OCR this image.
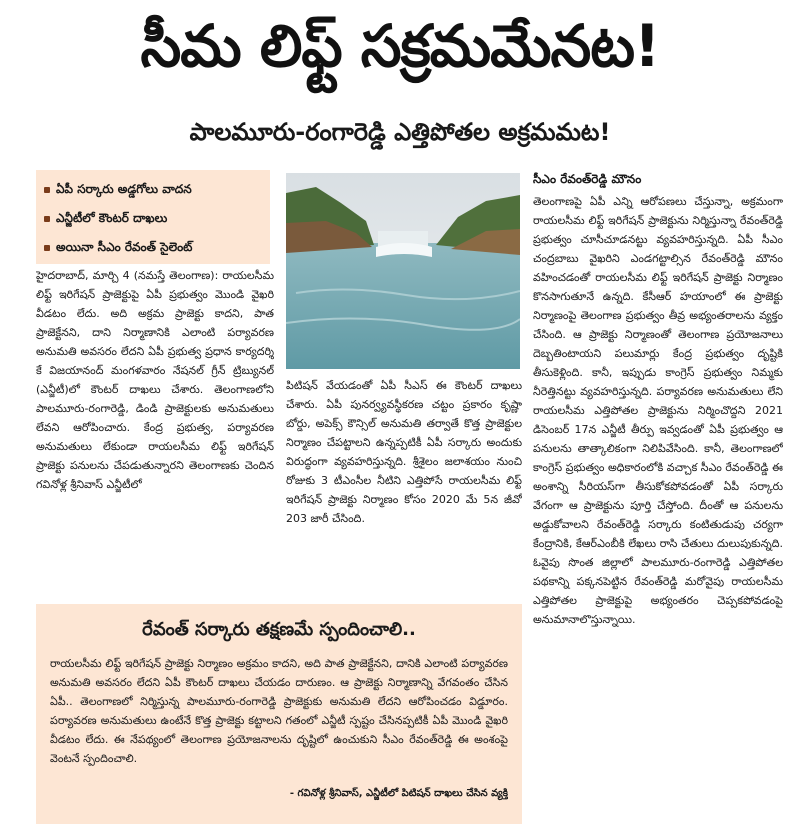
సీమ లిఫ్ట్ సక్రమమేనట!
పాలమూరు-రంగారెడ్డి ఎత్తిపోతల అక్రమమట!
ఏపీ సర్కారు అడ్డగోలు వాదన
ఎన్జీటీలో కౌంటర్ దాఖలు
అయినా సీఎం రేవంత్ సైలెంట్

హైదరాబాద్, మార్చి 4 (నమస్తే తెలంగాణ): రాయలసీమ లిఫ్ట్ ఇరిగేషన్ ప్రాజెక్టుపై ఏపీ ప్రభుత్వం మొండి వైఖరి వీడటం లేదు. అది అక్రమ ప్రాజెక్టు కాదని, పాత ప్రాజెక్టేనని, దాని నిర్మాణానికి ఎలాంటి పర్యావరణ అనుమతి అవసరం లేదని ఏపీ ప్రభుత్వ ప్రధాన కార్యదర్శి కే విజయానంద్ మంగళవారం నేషనల్ గ్రీన్ ట్రిబ్యునల్ (ఎన్జీటీ)లో కౌంటర్ దాఖలు చేశారు. తెలంగాణలోని పాలమూరు-రంగారెడ్డి, డిండి ప్రాజెక్టులకు అనుమతులు లేవని ఆరోపించారు. కేంద్ర ప్రభుత్వ, పర్యావరణ అనుమతులు లేకుండా రాయలసీమ లిఫ్ట్ ఇరిగేషన్ ప్రాజెక్టు పనులను చేపడుతున్నారని తెలంగాణకు చెందిన గవినోళ్ల శ్రీనివాస్ ఎన్జీటీలో

పిటిషన్ వేయడంతో ఏపీ సీఎస్ ఈ కౌంటర్ దాఖలు చేశారు. ఏపీ పునర్వ్యవస్థీకరణ చట్టం ప్రకారం కృష్ణా బోర్డు, అపెక్స్ కౌన్సిల్ అనుమతి తర్వాతే కొత్త ప్రాజెక్టుల నిర్మాణం చేపట్టాలని ఉన్నప్పటికీ ఏపీ సర్కారు అందుకు విరుద్ధంగా వ్యవహరిస్తున్నది. శ్రీశైలం జలాశయం నుంచి రోజుకు 3 టీఎంసీల నీటిని ఎత్తిపోసే రాయలసీమ లిఫ్ట్ ఇరిగేషన్ ప్రాజెక్టు నిర్మాణం కోసం 2020 మే 5న జీవో 203 జారీ చేసింది.

సీఎం రేవంత్‌రెడ్డి మౌనం

తెలంగాణపై ఏపీ ఎన్ని ఆరోపణలు చేస్తున్నా, అక్రమంగా రాయలసీమ లిఫ్ట్ ఇరిగేషన్ ప్రాజెక్టును నిర్మిస్తున్నా రేవంత్‌రెడ్డి ప్రభుత్వం చూసీచూడనట్టు వ్యవహరిస్తున్నది. ఏపీ సీఎం చంద్రబాబు వైఖరిని ఎండగట్టాల్సిన రేవంత్‌రెడ్డి మౌనం వహించడంతో రాయలసీమ లిఫ్ట్ ఇరిగేషన్ ప్రాజెక్టు నిర్మాణం కొనసాగుతూనే ఉన్నది. కేసీఆర్ హయాంలో ఈ ప్రాజెక్టు నిర్మాణంపై తెలంగాణ ప్రభుత్వం తీవ్ర అభ్యంతరాలను వ్యక్తం చేసింది. ఆ ప్రాజెక్టు నిర్మాణంతో తెలంగాణ ప్రయోజనాలు దెబ్బతింటాయని పలుమార్లు కేంద్ర ప్రభుత్వం దృష్టికి తీసుకెళ్లింది. కానీ, ఇప్పుడు కాంగ్రెస్ ప్రభుత్వం నిమ్మకు నీరెత్తినట్టు వ్యవహరిస్తున్నది. పర్యావరణ అనుమతులు లేని రాయలసీమ ఎత్తిపోతల ప్రాజెక్టును నిర్మించొద్దని 2021 డిసెంబర్ 17న ఎన్జీటీ తీర్పు ఇవ్వడంతో ఏపీ ప్రభుత్వం ఆ పనులను తాత్కాలికంగా నిలిపివేసింది. కానీ, తెలంగాణలో కాంగ్రెస్ ప్రభుత్వం అధికారంలోకి వచ్చాక సీఎం రేవంత్‌రెడ్డి ఈ అంశాన్ని సీరియస్‌గా తీసుకోకపోవడంతో ఏపీ సర్కారు వేగంగా ఆ ప్రాజెక్టును పూర్తి చేస్తోంది. దీంతో ఆ పనులను అడ్డుకోవాలని రేవంత్‌రెడ్డి సర్కారు కంటితుడుపు చర్యగా కేంద్రానికి, కేఆర్ఎంబీకి లేఖలు రాసి చేతులు దులుపుకున్నది. ఓవైపు సొంత జిల్లాలో పాలమూరు-రంగారెడ్డి ఎత్తిపోతల పథకాన్ని పక్కనపెట్టిన రేవంత్‌రెడ్డి మరోవైపు రాయలసీమ ఎత్తిపోతల ప్రాజెక్టుపై అభ్యంతరం చెప్పకపోవడంపై అనుమానాలొస్తున్నాయి.

రేవంత్ సర్కారు తక్షణమే స్పందించాలి..
రాయలసీమ లిఫ్ట్ ఇరిగేషన్ ప్రాజెక్టు నిర్మాణం అక్రమం కాదని, అది పాత ప్రాజెక్టేనని, దానికి ఎలాంటి పర్యావరణ అనుమతి అవసరం లేదని ఏపీ కౌంటర్ దాఖలు చేయడం దారుణం. ఆ ప్రాజెక్టు నిర్మాణాన్ని వేగవంతం చేసిన ఏపీ.. తెలంగాణలో నిర్మిస్తున్న పాలమూరు-రంగారెడ్డి ప్రాజెక్టుకు అనుమతి లేదని ఆరోపించడం విడ్డూరం. పర్యావరణ అనుమతులు ఉంటేనే కొత్త ప్రాజెక్టు కట్టాలని గతంలో ఎన్జీటీ స్పష్టం చేసినప్పటికీ ఏపీ మొండి వైఖరి వీడటం లేదు. ఈ నేపథ్యంలో తెలంగాణ ప్రయోజనాలను దృష్టిలో ఉంచుకుని సీఎం రేవంత్‌రెడ్డి ఈ అంశంపై వెంటనే స్పందించాలి.
- గవినోళ్ల శ్రీనివాస్, ఎన్జీటీలో పిటిషన్ దాఖలు చేసిన వ్యక్తి
